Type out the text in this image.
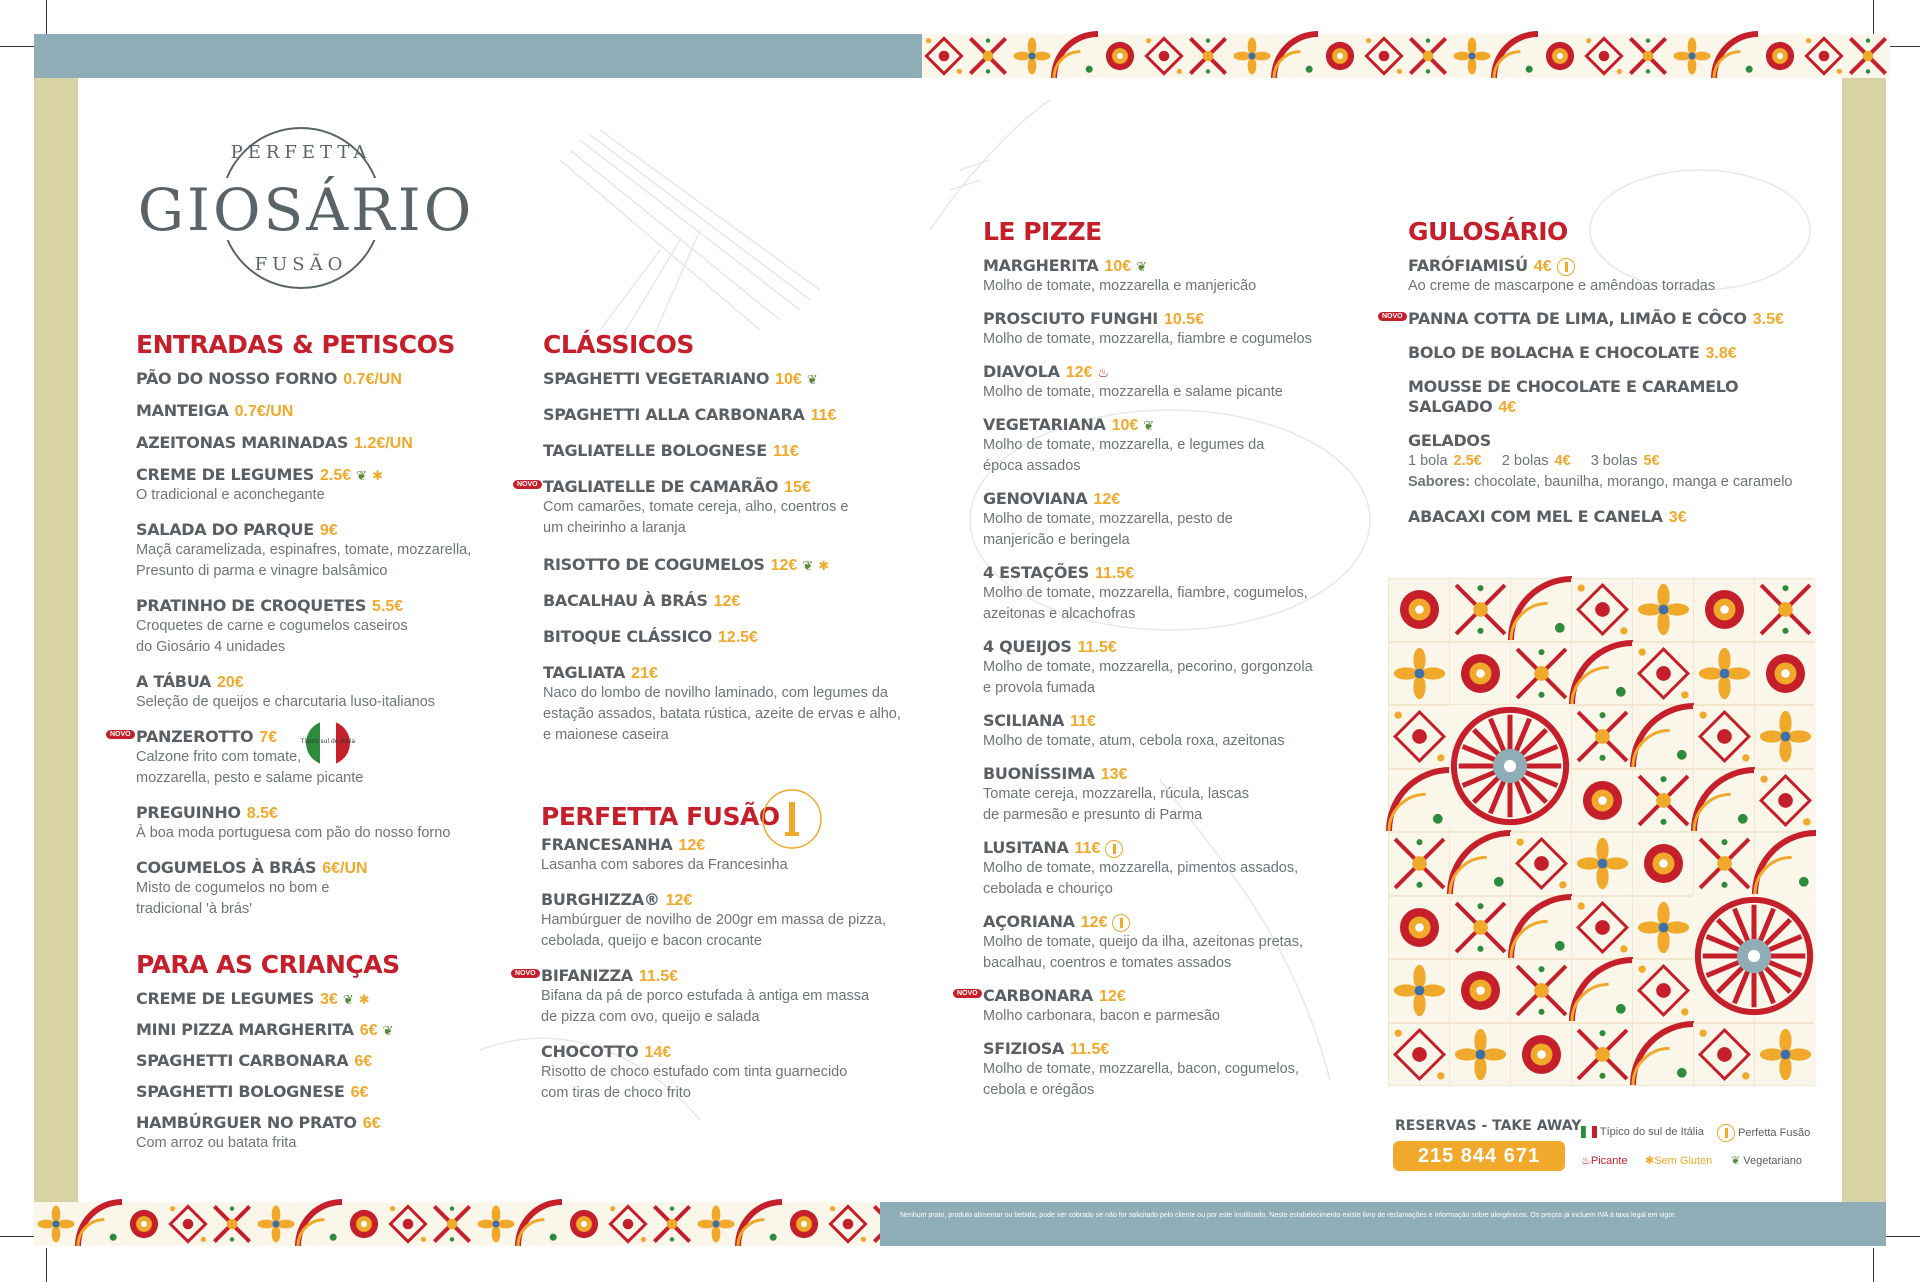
Nenhum prato, produto alimentar ou bebida, pode ser cobrado se não for solicitado pelo cliente ou por este inutilizado. Neste estabelecimento existe livro de reclamações e informação sobre alergénicos. Os preços já incluem IVA à taxa legal em vigor.
PERFETTA
GIOSÁRIO
FUSÃO
ENTRADAS & PETISCOS
PÃO DO NOSSO FORNO 0.7€/UN
MANTEIGA 0.7€/UN
AZEITONAS MARINADAS 1.2€/UN
CREME DE LEGUMES 2.5€ ❦ ✱
O tradicional e aconchegante
SALADA DO PARQUE 9€
Maçã caramelizada, espinafres, tomate, mozzarella, Presunto di parma e vinagre balsâmico
PRATINHO DE CROQUETES 5.5€
Croquetes de carne e cogumelos caseiros do Giosário 4 unidades
A TÁBUA 20€
Seleção de queijos e charcutaria luso-italianos
NOVO PANZEROTTO 7€
Calzone frito com tomate, mozzarella, pesto e salame picante
Típico sul de Itália
PREGUINHO 8.5€
À boa moda portuguesa com pão do nosso forno
COGUMELOS À BRÁS 6€/UN
Misto de cogumelos no bom e tradicional 'à brás'
PARA AS CRIANÇAS
CREME DE LEGUMES 3€ ❦ ✱
MINI PIZZA MARGHERITA 6€ ❦
SPAGHETTI CARBONARA 6€
SPAGHETTI BOLOGNESE 6€
HAMBÚRGUER NO PRATO 6€
Com arroz ou batata frita
CLÁSSICOS
SPAGHETTI VEGETARIANO 10€ ❦
SPAGHETTI ALLA CARBONARA 11€
TAGLIATELLE BOLOGNESE 11€
NOVO TAGLIATELLE DE CAMARÃO 15€
Com camarões, tomate cereja, alho, coentros e um cheirinho a laranja
RISOTTO DE COGUMELOS 12€ ❦ ✱
BACALHAU À BRÁS 12€
BITOQUE CLÁSSICO 12.5€
TAGLIATA 21€
Naco do lombo de novilho laminado, com legumes da estação assados, batata rústica, azeite de ervas e alho, e maionese caseira
PERFETTA FUSÃO
FRANCESANHA 12€
Lasanha com sabores da Francesinha
BURGHIZZA® 12€
Hambúrguer de novilho de 200gr em massa de pizza, cebolada, queijo e bacon crocante
NOVO BIFANIZZA 11.5€
Bifana da pá de porco estufada à antiga em massa de pizza com ovo, queijo e salada
CHOCOTTO 14€
Risotto de choco estufado com tinta guarnecido com tiras de choco frito
LE PIZZE
MARGHERITA 10€ ❦
Molho de tomate, mozzarella e manjericão
PROSCIUTO FUNGHI 10.5€
Molho de tomate, mozzarella, fiambre e cogumelos
DIAVOLA 12€ ♨
Molho de tomate, mozzarella e salame picante
VEGETARIANA 10€ ❦
Molho de tomate, mozzarella, e legumes da época assados
GENOVIANA 12€
Molho de tomate, mozzarella, pesto de manjericão e beringela
4 ESTAÇÕES 11.5€
Molho de tomate, mozzarella, fiambre, cogumelos, azeitonas e alcachofras
4 QUEIJOS 11.5€
Molho de tomate, mozzarella, pecorino, gorgonzola e provola fumada
SCILIANA 11€
Molho de tomate, atum, cebola roxa, azeitonas
BUONÍSSIMA 13€
Tomate cereja, mozzarella, rúcula, lascas de parmesão e presunto di Parma
LUSITANA 11€
Molho de tomate, mozzarella, pimentos assados, cebolada e chouriço
AÇORIANA 12€
Molho de tomate, queijo da ilha, azeitonas pretas, bacalhau, coentros e tomates assados
NOVO CARBONARA 12€
Molho carbonara, bacon e parmesão
SFIZIOSA 11.5€
Molho de tomate, mozzarella, bacon, cogumelos, cebola e orégãos
GULOSÁRIO
FARÓFIAMISÚ 4€
Ao creme de mascarpone e amêndoas torradas
NOVO PANNA COTTA DE LIMA, LIMÃO E CÔCO 3.5€
BOLO DE BOLACHA E CHOCOLATE 3.8€
MOUSSE DE CHOCOLATE E CARAMELO SALGADO 4€
GELADOS
1 bola 2.5€ 2 bolas 4€ 3 bolas 5€
Sabores: chocolate, baunilha, morango, manga e caramelo
ABACAXI COM MEL E CANELA 3€
RESERVAS - TAKE AWAY
215 844 671
Típico do sul de Itália	Perfetta Fusão
♨Picante ✱Sem Gluten ❦ Vegetariano
